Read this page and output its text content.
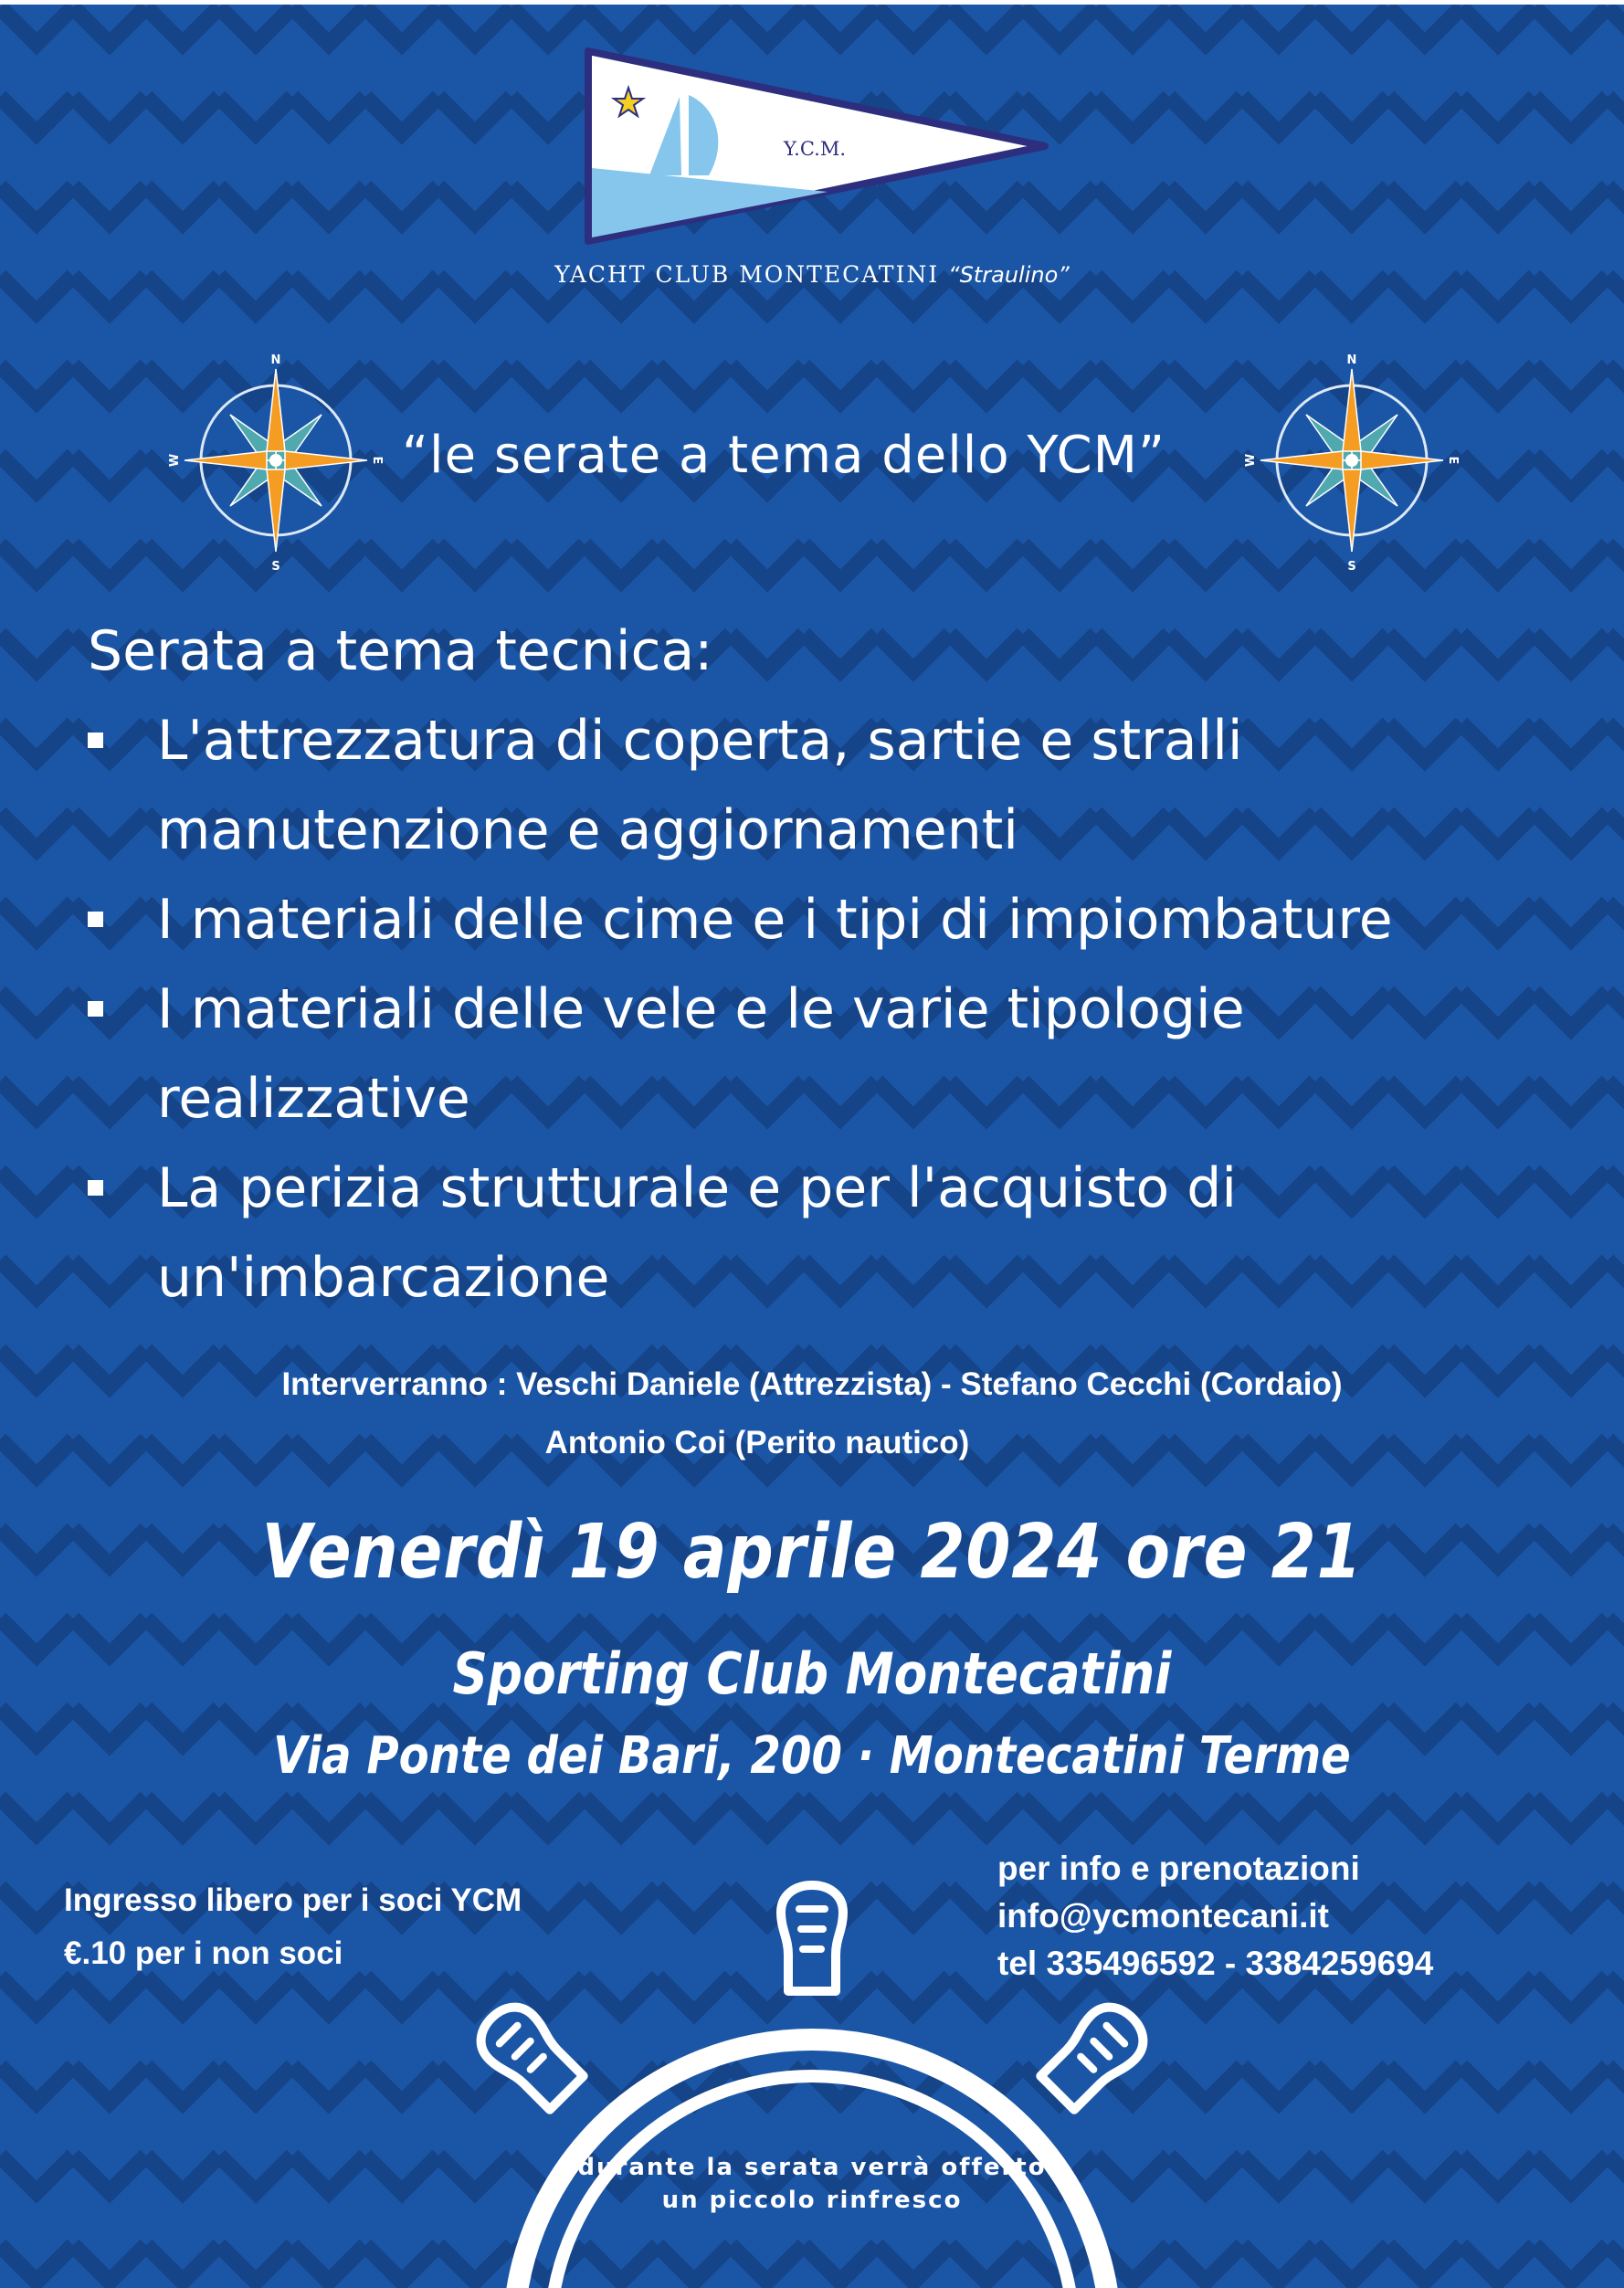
Y.C.M.
YACHT CLUB MONTECATINI “Straulino”
N
S
E
W
N
S
E
W
“le serate a tema dello YCM”
Serata a tema tecnica:
L'attrezzatura di coperta, sartie e stralli manutenzione e aggiornamenti
I materiali delle cime e i tipi di impiombature
I materiali delle vele e le varie tipologie realizzative
La perizia strutturale e per l'acquisto di un'imbarcazione

Interverranno : Veschi Daniele (Attrezzista) - Stefano Cecchi (Cordaio)

Antonio Coi (Perito nautico)

Venerdì 19 aprile 2024 ore 21
Sporting Club Montecatini
Via Ponte dei Bari, 200 · Montecatini Terme

Ingresso libero per i soci YCM

€.10 per i non soci

per info e prenotazioni

info@ycmontecani.it

tel 335496592 - 3384259694

durante la serata verrà offerto

un piccolo rinfresco
